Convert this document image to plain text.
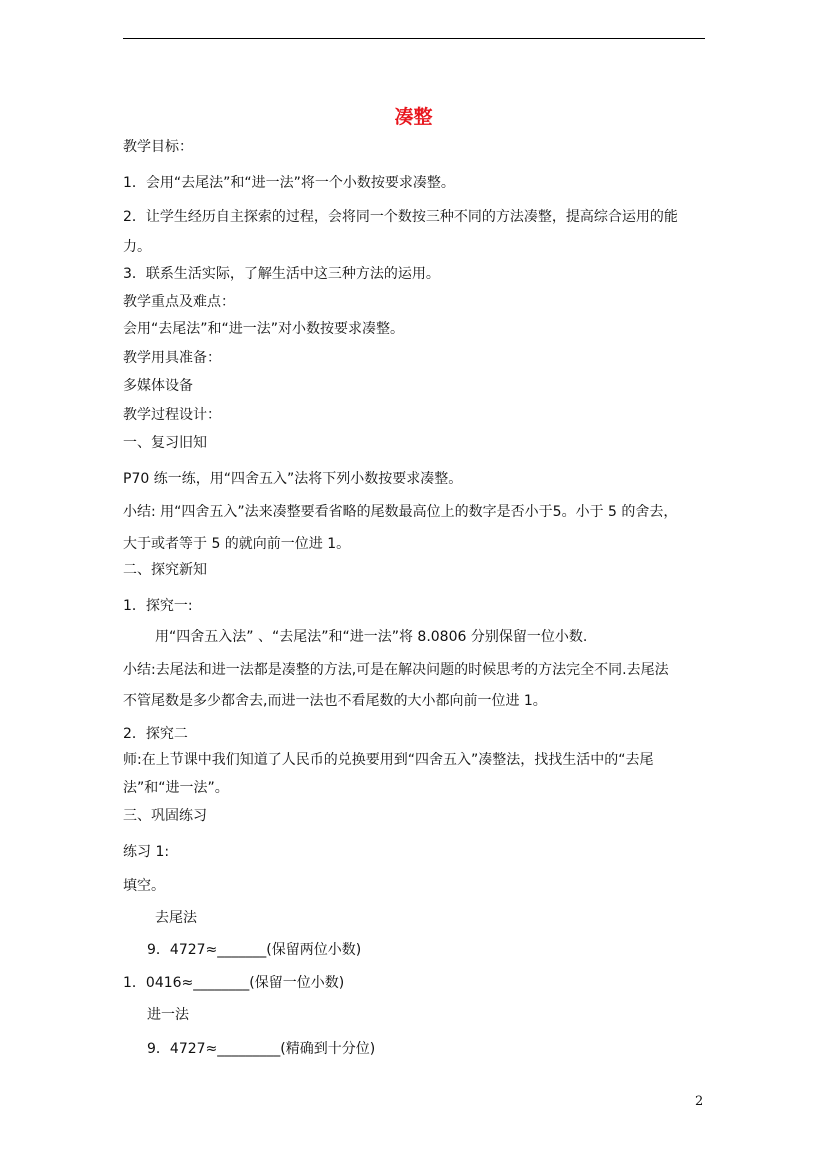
凑整
教学目标：
1．会用“去尾法”和“进一法”将一个小数按要求凑整。
2．让学生经历自主探索的过程，会将同一个数按三种不同的方法凑整，提高综合运用的能
力。
3．联系生活实际，了解生活中这三种方法的运用。
教学重点及难点：
会用“去尾法”和“进一法”对小数按要求凑整。
教学用具准备：
多媒体设备
教学过程设计：
一、复习旧知
P70 练一练，用“四舍五入”法将下列小数按要求凑整。
小结: 用“四舍五入”法来凑整要看省略的尾数最高位上的数字是否小于5。小于 5 的舍去，
大于或者等于 5 的就向前一位进 1。
二、探究新知
1．探究一:
用“四舍五入法” 、“去尾法”和“进一法”将 8.0806 分别保留一位小数.
小结:去尾法和进一法都是凑整的方法,可是在解决问题的时候思考的方法完全不同.去尾法
不管尾数是多少都舍去,而进一法也不看尾数的大小都向前一位进 1。
2．探究二
师:在上节课中我们知道了人民币的兑换要用到“四舍五入”凑整法，找找生活中的“去尾
法”和“进一法”。
三、巩固练习
练习 1:
填空。
去尾法
9．4727≈_______(保留两位小数)
1．0416≈________(保留一位小数)
进一法
9．4727≈_________(精确到十分位)
2
